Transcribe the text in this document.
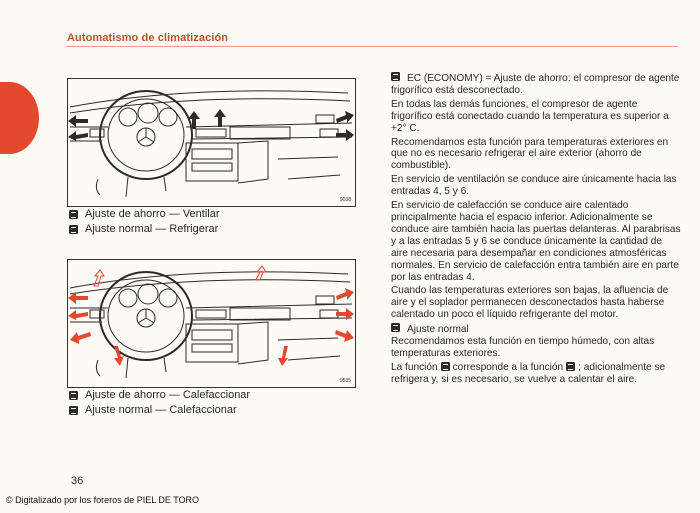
Automatismo de climatización
9038
Ajuste de ahorro — Ventilar
Ajuste normal — Refrigerar
9535
Ajuste de ahorro — Calefaccionar
Ajuste normal — Calefaccionar

EC (ECONOMY) = Ajuste de ahorro: el compresor de agente frigorífico está desconectado.

En todas las demás funciones, el compresor de agente frigorífico está conectado cuando la temperatura es superior a +2° C.

Recomendamos esta función para temperaturas exteriores en que no es necesario refrigerar el aire exterior (ahorro de combustible).

En servicio de ventilación se conduce aire únicamente hacia las entradas 4, 5 y 6.

En servicio de calefacción se conduce aire calentado principalmente hacia el espacio inferior. Adicionalmente se conduce aire también hacia las puertas delanteras. Al parabrisas y a las entradas 5 y 6 se conduce únicamente la cantidad de aire necesaria para desempañar en condiciones atmosféricas normales. En servicio de calefacción entra también aire en parte por las entradas 4.

Cuando las temperaturas exteriores son bajas, la afluencia de aire y el soplador permanecen desconectados hasta haberse calentado un poco el líquido refrigerante del motor.

Ajuste normal

Recomendamos esta función en tiempo húmedo, con altas temperaturas exteriores.

La función corresponde a la función ; adicionalmente se refrigera y, si es necesario, se vuelve a calentar el aire.

36
© Digitalizado por los foreros de PIEL DE TORO
